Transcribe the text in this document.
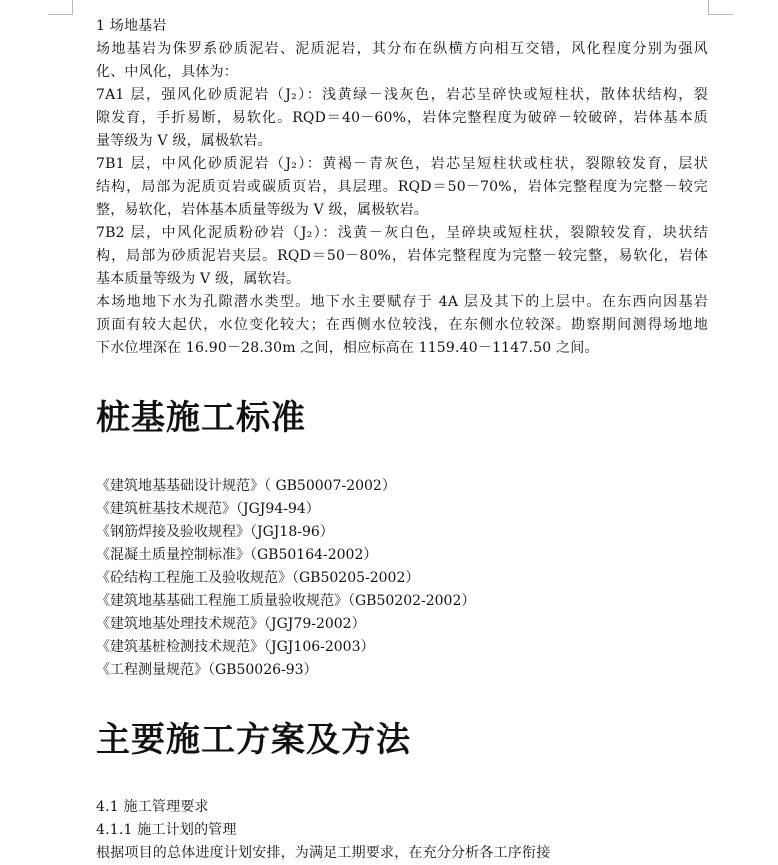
1 场地基岩
场地基岩为侏罗系砂质泥岩、泥质泥岩，其分布在纵横方向相互交错，风化程度分别为强风
化、中风化，具体为：
7A1 层，强风化砂质泥岩（J₂）：浅黄绿－浅灰色，岩芯呈碎快或短柱状，散体状结构，裂
隙发育，手折易断，易软化。RQD＝40－60%，岩体完整程度为破碎－较破碎，岩体基本质
量等级为 V 级，属极软岩。
7B1 层，中风化砂质泥岩（J₂）：黄褐－青灰色，岩芯呈短柱状或柱状，裂隙较发育，层状
结构，局部为泥质页岩或碳质页岩，具层理。RQD＝50－70%，岩体完整程度为完整－较完
整，易软化，岩体基本质量等级为 V 级，属极软岩。
7B2 层，中风化泥质粉砂岩（J₂）：浅黄－灰白色，呈碎块或短柱状，裂隙较发育，块状结
构，局部为砂质泥岩夹层。RQD＝50－80%，岩体完整程度为完整－较完整，易软化，岩体
基本质量等级为 V 级，属软岩。
本场地地下水为孔隙潜水类型。地下水主要赋存于 4A 层及其下的上层中。在东西向因基岩
顶面有较大起伏，水位变化较大；在西侧水位较浅，在东侧水位较深。勘察期间测得场地地
下水位埋深在 16.90－28.30m 之间，相应标高在 1159.40－1147.50 之间。
桩基施工标准
《建筑地基基础设计规范》（ GB50007-2002）
《建筑桩基技术规范》（JGJ94-94）
《钢筋焊接及验收规程》（JGJ18-96）
《混凝土质量控制标准》（GB50164-2002）
《砼结构工程施工及验收规范》（GB50205-2002）
《建筑地基基础工程施工质量验收规范》（GB50202-2002）
《建筑地基处理技术规范》（JGJ79-2002）
《建筑基桩检测技术规范》（JGJ106-2003）
《工程测量规范》（GB50026-93）
主要施工方案及方法
4.1 施工管理要求
4.1.1 施工计划的管理
根据项目的总体进度计划安排，为满足工期要求，在充分分析各工序衔接
